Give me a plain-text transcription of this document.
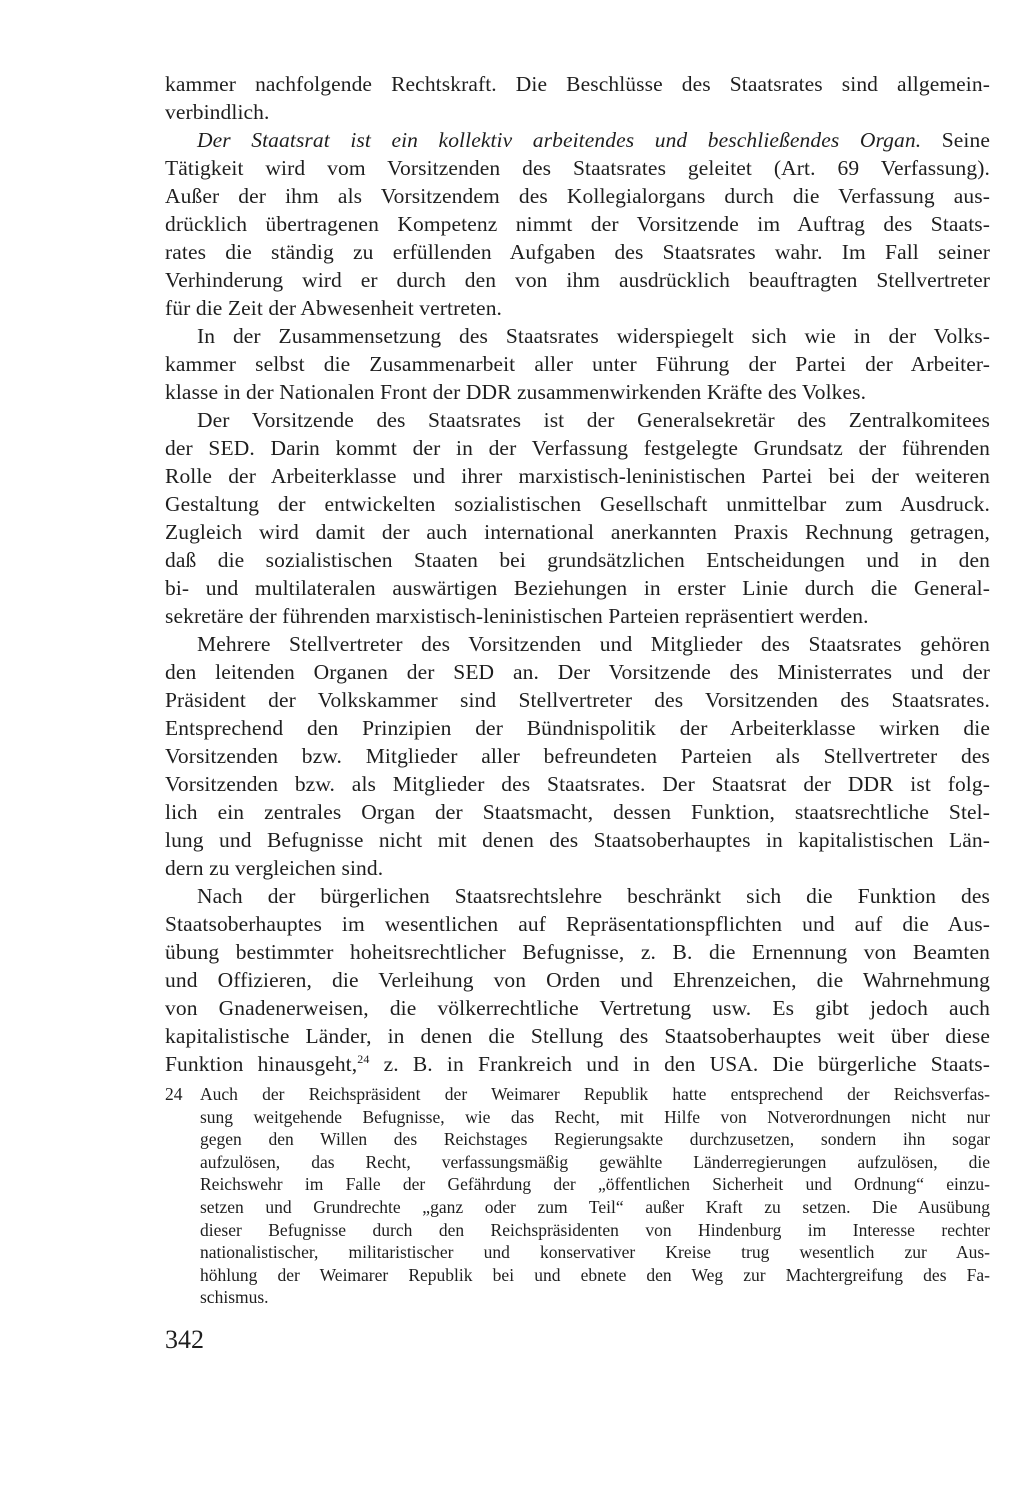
kammer nachfolgende Rechtskraft. Die Beschlüsse des Staatsrates sind allgemein-

verbindlich.

Der Staatsrat ist ein kollektiv arbeitendes und beschließendes Organ. Seine

Tätigkeit wird vom Vorsitzenden des Staatsrates geleitet (Art. 69 Verfassung).

Außer der ihm als Vorsitzendem des Kollegialorgans durch die Verfassung aus-

drücklich übertragenen Kompetenz nimmt der Vorsitzende im Auftrag des Staats-

rates die ständig zu erfüllenden Aufgaben des Staatsrates wahr. Im Fall seiner

Verhinderung wird er durch den von ihm ausdrücklich beauftragten Stellvertreter

für die Zeit der Abwesenheit vertreten.

In der Zusammensetzung des Staatsrates widerspiegelt sich wie in der Volks-

kammer selbst die Zusammenarbeit aller unter Führung der Partei der Arbeiter-

klasse in der Nationalen Front der DDR zusammenwirkenden Kräfte des Volkes.

Der Vorsitzende des Staatsrates ist der Generalsekretär des Zentralkomitees

der SED. Darin kommt der in der Verfassung festgelegte Grundsatz der führenden

Rolle der Arbeiterklasse und ihrer marxistisch-leninistischen Partei bei der weiteren

Gestaltung der entwickelten sozialistischen Gesellschaft unmittelbar zum Ausdruck.

Zugleich wird damit der auch international anerkannten Praxis Rechnung getragen,

daß die sozialistischen Staaten bei grundsätzlichen Entscheidungen und in den

bi- und multilateralen auswärtigen Beziehungen in erster Linie durch die General-

sekretäre der führenden marxistisch-leninistischen Parteien repräsentiert werden.

Mehrere Stellvertreter des Vorsitzenden und Mitglieder des Staatsrates gehören

den leitenden Organen der SED an. Der Vorsitzende des Ministerrates und der

Präsident der Volkskammer sind Stellvertreter des Vorsitzenden des Staatsrates.

Entsprechend den Prinzipien der Bündnispolitik der Arbeiterklasse wirken die

Vorsitzenden bzw. Mitglieder aller befreundeten Parteien als Stellvertreter des

Vorsitzenden bzw. als Mitglieder des Staatsrates. Der Staatsrat der DDR ist folg-

lich ein zentrales Organ der Staatsmacht, dessen Funktion, staatsrechtliche Stel-

lung und Befugnisse nicht mit denen des Staatsoberhauptes in kapitalistischen Län-

dern zu vergleichen sind.

Nach der bürgerlichen Staatsrechtslehre beschränkt sich die Funktion des

Staatsoberhauptes im wesentlichen auf Repräsentationspflichten und auf die Aus-

übung bestimmter hoheitsrechtlicher Befugnisse, z. B. die Ernennung von Beamten

und Offizieren, die Verleihung von Orden und Ehrenzeichen, die Wahrnehmung

von Gnadenerweisen, die völkerrechtliche Vertretung usw. Es gibt jedoch auch

kapitalistische Länder, in denen die Stellung des Staatsoberhauptes weit über diese

Funktion hinausgeht,$^{24}$ z. B. in Frankreich und in den USA. Die bürgerliche Staats-

24 Auch der Reichspräsident der Weimarer Republik hatte entsprechend der Reichsverfas-

sung weitgehende Befugnisse, wie das Recht, mit Hilfe von Notverordnungen nicht nur

gegen den Willen des Reichstages Regierungsakte durchzusetzen, sondern ihn sogar

aufzulösen, das Recht, verfassungsmäßig gewählte Länderregierungen aufzulösen, die

Reichswehr im Falle der Gefährdung der „öffentlichen Sicherheit und Ordnung“ einzu-

setzen und Grundrechte „ganz oder zum Teil“ außer Kraft zu setzen. Die Ausübung

dieser Befugnisse durch den Reichspräsidenten von Hindenburg im Interesse rechter

nationalistischer, militaristischer und konservativer Kreise trug wesentlich zur Aus-

höhlung der Weimarer Republik bei und ebnete den Weg zur Machtergreifung des Fa-

schismus.

342
